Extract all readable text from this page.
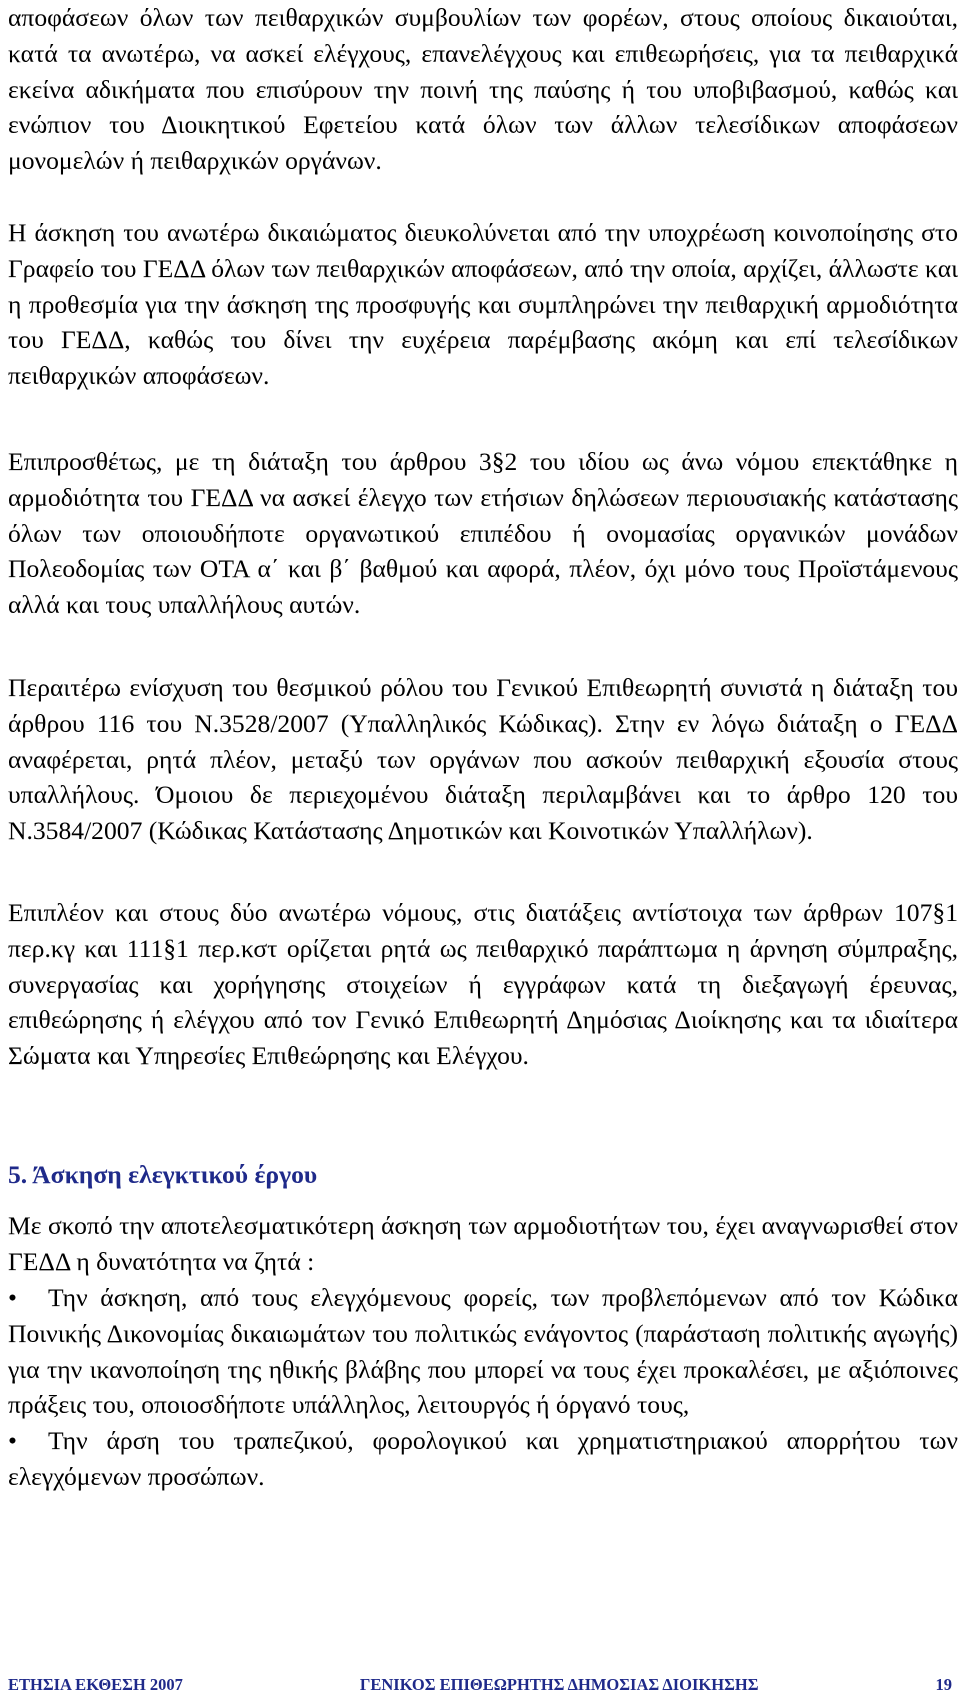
αποφάσεων όλων των πειθαρχικών συμβουλίων των φορέων, στους οποίους δικαιούται, κατά τα ανωτέρω, να ασκεί ελέγχους, επανελέγχους και επιθεωρήσεις, για τα πειθαρχικά εκείνα αδικήματα που επισύρουν την ποινή της παύσης ή του υποβιβασμού, καθώς και ενώπιον του Διοικητικού Εφετείου κατά όλων των άλλων τελεσίδικων αποφάσεων μονομελών ή πειθαρχικών οργάνων.

Η άσκηση του ανωτέρω δικαιώματος διευκολύνεται από την υποχρέωση κοινοποίησης στο Γραφείο του ΓΕΔΔ όλων των πειθαρχικών αποφάσεων, από την οποία, αρχίζει, άλλωστε και η προθεσμία για την άσκηση της προσφυγής και συμπληρώνει την πειθαρχική αρμοδιότητα του ΓΕΔΔ, καθώς του δίνει την ευχέρεια παρέμβασης ακόμη και επί τελεσίδικων πειθαρχικών αποφάσεων.

Επιπροσθέτως, με τη διάταξη του άρθρου 3§2 του ιδίου ως άνω νόμου επεκτάθηκε η αρμοδιότητα του ΓΕΔΔ να ασκεί έλεγχο των ετήσιων δηλώσεων περιουσιακής κατάστασης όλων των οποιουδήποτε οργανωτικού επιπέδου ή ονομασίας οργανικών μονάδων Πολεοδομίας των ΟΤΑ α΄ και β΄ βαθμού και αφορά, πλέον, όχι μόνο τους Προϊστάμενους αλλά και τους υπαλλήλους αυτών.

Περαιτέρω ενίσχυση του θεσμικού ρόλου του Γενικού Επιθεωρητή συνιστά η διάταξη του άρθρου 116 του Ν.3528/2007 (Υπαλληλικός Κώδικας). Στην εν λόγω διάταξη ο ΓΕΔΔ αναφέρεται, ρητά πλέον, μεταξύ των οργάνων που ασκούν πειθαρχική εξουσία στους υπαλλήλους. Όμοιου δε περιεχομένου διάταξη περιλαμβάνει και το άρθρο 120 του Ν.3584/2007 (Κώδικας Κατάστασης Δημοτικών και Κοινοτικών Υπαλλήλων).

Επιπλέον και στους δύο ανωτέρω νόμους, στις διατάξεις αντίστοιχα των άρθρων 107§1 περ.κγ και 111§1 περ.κστ ορίζεται ρητά ως πειθαρχικό παράπτωμα η άρνηση σύμπραξης, συνεργασίας και χορήγησης στοιχείων ή εγγράφων κατά τη διεξαγωγή έρευνας, επιθεώρησης ή ελέγχου από τον Γενικό Επιθεωρητή Δημόσιας Διοίκησης και τα ιδιαίτερα Σώματα και Υπηρεσίες Επιθεώρησης και Ελέγχου.

5. Άσκηση ελεγκτικού έργου

Με σκοπό την αποτελεσματικότερη άσκηση των αρμοδιοτήτων του, έχει αναγνωρισθεί στον ΓΕΔΔ η δυνατότητα να ζητά :

•	Την άσκηση, από τους ελεγχόμενους φορείς, των προβλεπόμενων από τον Κώδικα Ποινικής Δικονομίας δικαιωμάτων του πολιτικώς ενάγοντος (παράσταση πολιτικής αγωγής) για την ικανοποίηση της ηθικής βλάβης που μπορεί να τους έχει προκαλέσει, με αξιόποινες πράξεις του, οποιοσδήποτε υπάλληλος, λειτουργός ή όργανό τους,

•	Την άρση του τραπεζικού, φορολογικού και χρηματιστηριακού απορρήτου των ελεγχόμενων προσώπων.

ΕΤΗΣΙΑ ΕΚΘΕΣΗ 2007	ΓΕΝΙΚΟΣ ΕΠΙΘΕΩΡΗΤΗΣ ΔΗΜΟΣΙΑΣ ΔΙΟΙΚΗΣΗΣ	19
